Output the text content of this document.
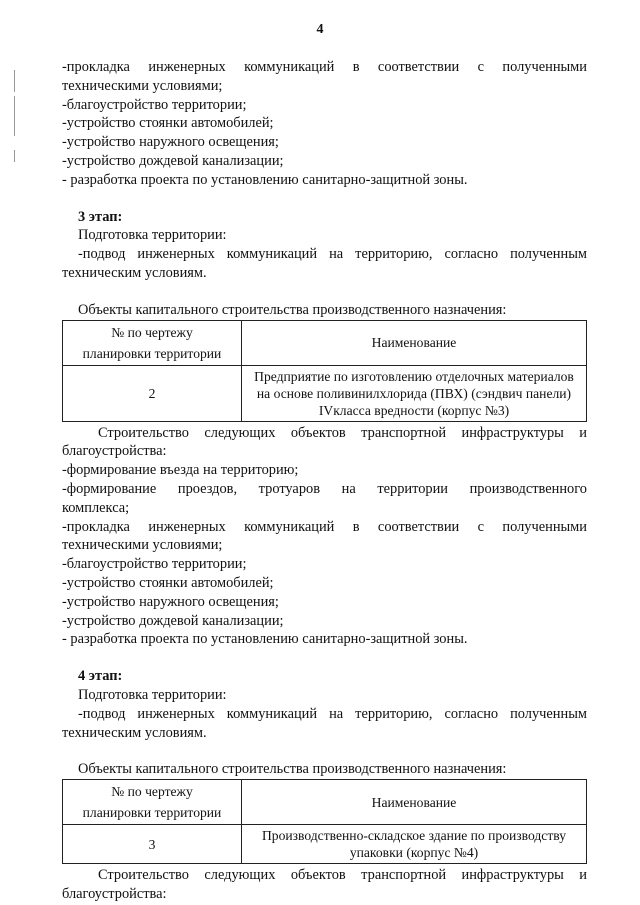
4

-прокладка инженерных коммуникаций в соответствии с полученными

техническими условиями;

-благоустройство территории;

-устройство стоянки автомобилей;

-устройство наружного освещения;

-устройство дождевой канализации;

- разработка проекта по установлению санитарно-защитной зоны.

3 этап:

Подготовка территории:

-подвод инженерных коммуникаций на территорию, согласно полученным

техническим условиям.

Объекты капитального строительства производственного назначения:

№ по чертежу
планировки территории	Наименование
2	Предприятие по изготовлению отделочных материалов
на основе поливинилхлорида (ПВХ) (сэндвич панели)
IVкласса вредности (корпус №3)

Строительство следующих объектов транспортной инфраструктуры и

благоустройства:

-формирование въезда на территорию;

-формирование проездов, тротуаров на территории производственного

комплекса;

-прокладка инженерных коммуникаций в соответствии с полученными

техническими условиями;

-благоустройство территории;

-устройство стоянки автомобилей;

-устройство наружного освещения;

-устройство дождевой канализации;

- разработка проекта по установлению санитарно-защитной зоны.

4 этап:

Подготовка территории:

-подвод инженерных коммуникаций на территорию, согласно полученным

техническим условиям.

Объекты капитального строительства производственного назначения:

№ по чертежу
планировки территории	Наименование
3	Производственно-складское здание по производству
упаковки (корпус №4)

Строительство следующих объектов транспортной инфраструктуры и

благоустройства:
